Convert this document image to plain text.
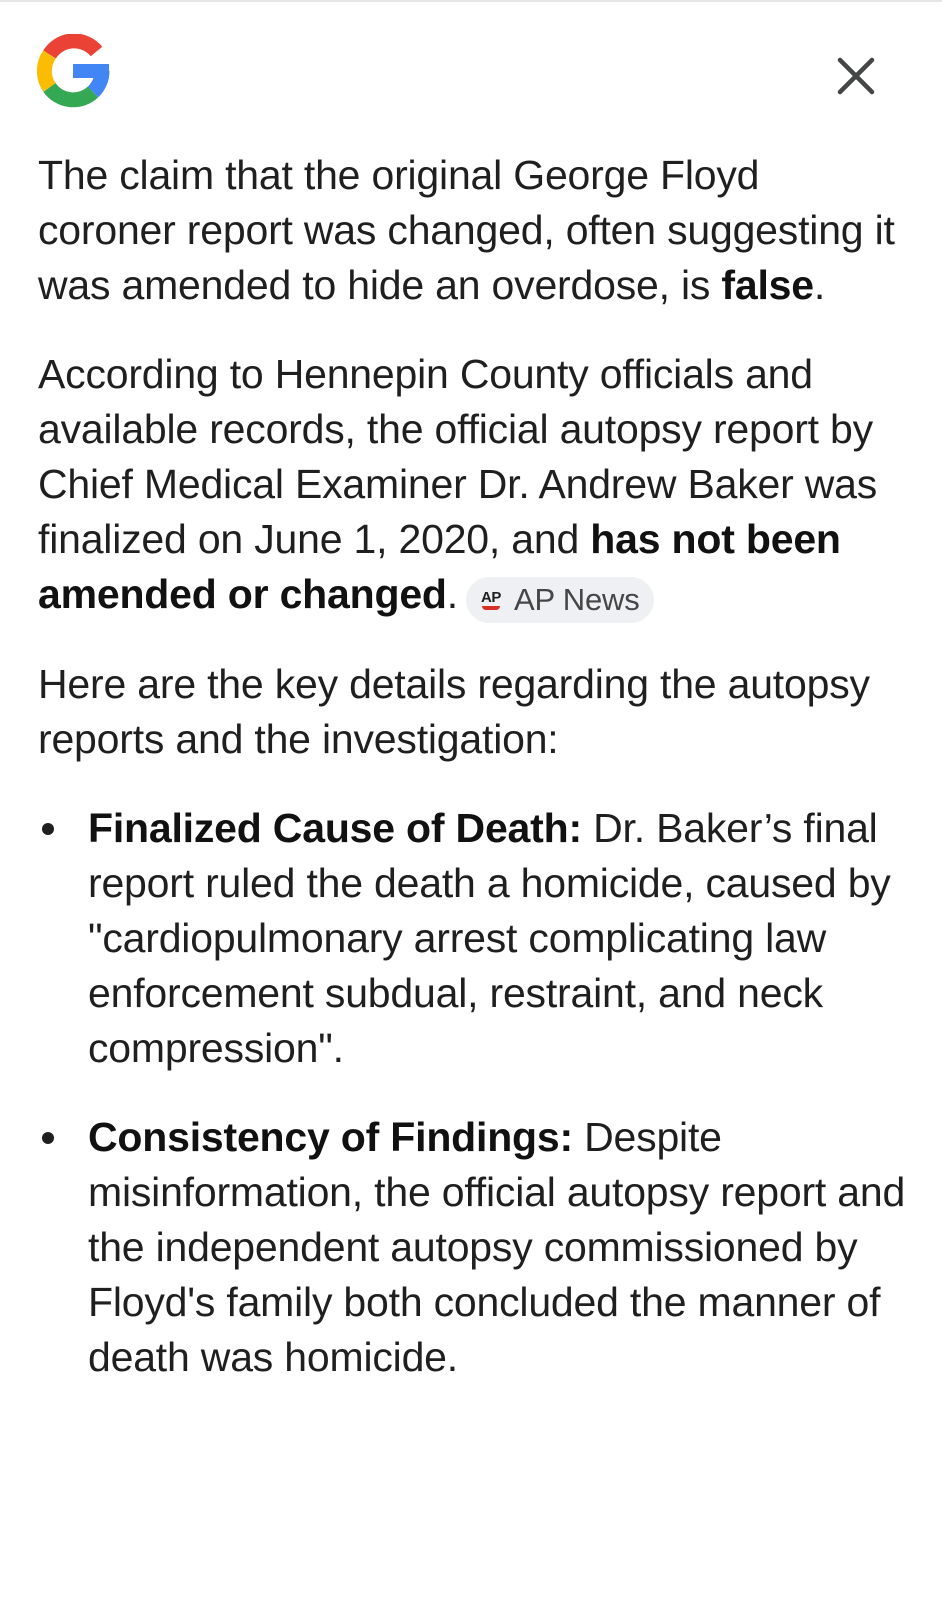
The claim that the original George Floyd coroner report was changed, often suggesting it was amended to hide an overdose, is false.

According to Hennepin County officials and available records, the official autopsy report by Chief Medical Examiner Dr. Andrew Baker was finalized on June 1, 2020, and has not been amended or changed. AP AP News

Here are the key details regarding the autopsy reports and the investigation:

Finalized Cause of Death: Dr. Baker’s final report ruled the death a homicide, caused by "cardiopulmonary arrest complicating law enforcement subdual, restraint, and neck compression".
Consistency of Findings: Despite misinformation, the official autopsy report and the independent autopsy commissioned by Floyd's family both concluded the manner of death was homicide.
